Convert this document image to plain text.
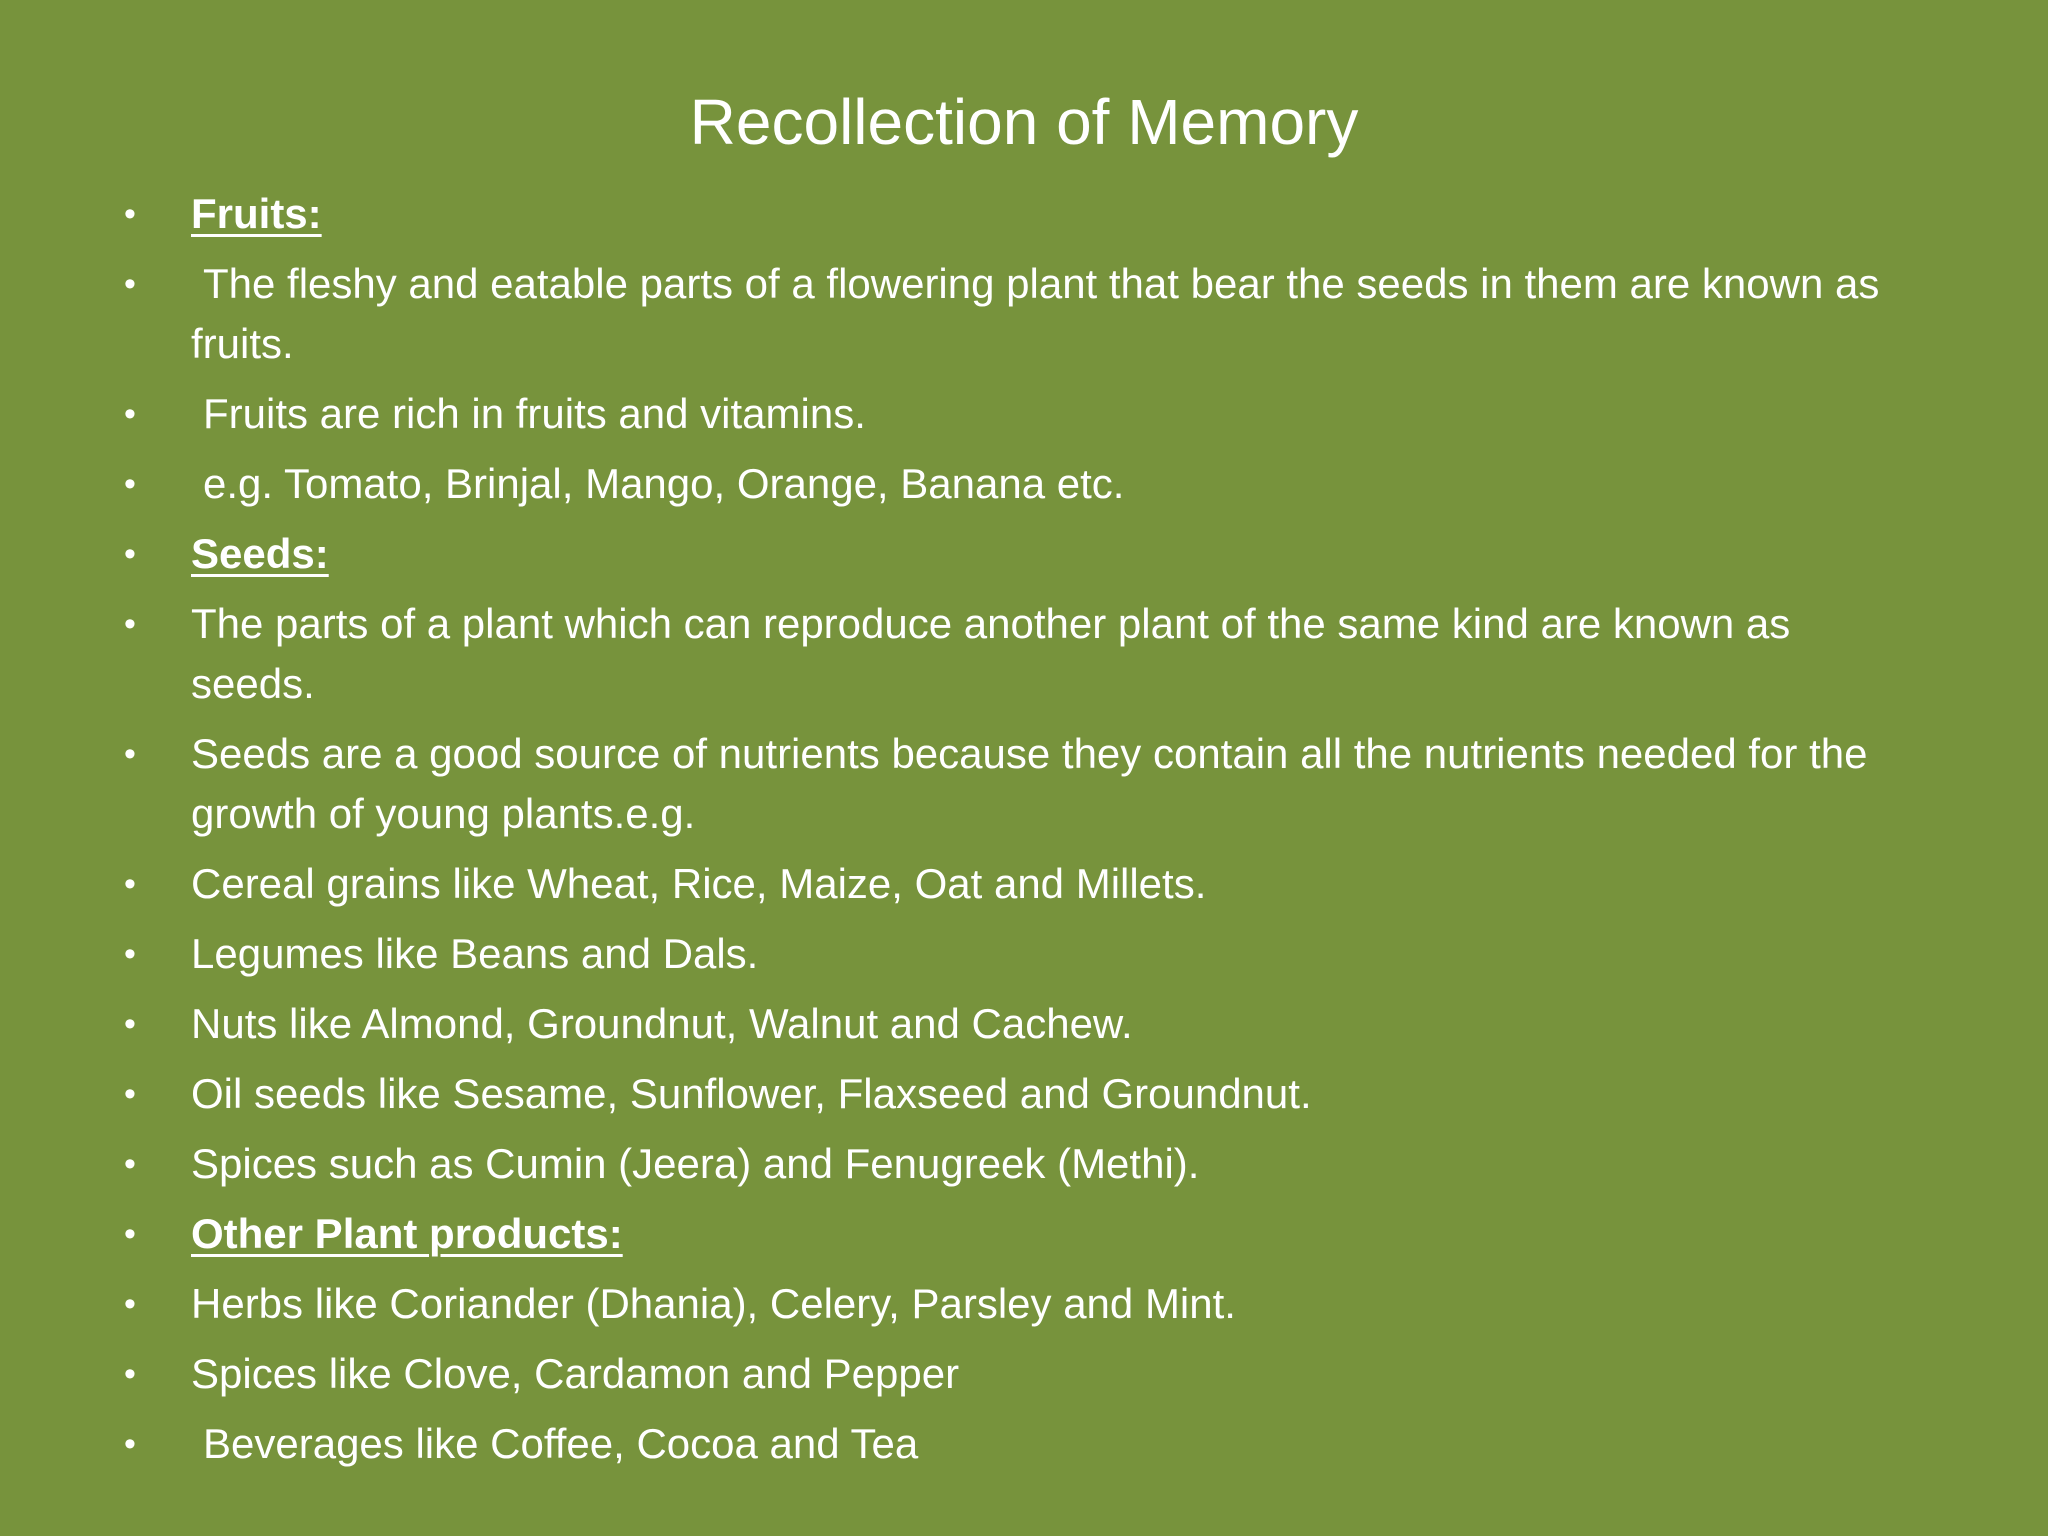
Recollection of Memory
• Fruits:
• The fleshy and eatable parts of a flowering plant that bear the seeds in them are known as fruits.
• Fruits are rich in fruits and vitamins.
• e.g. Tomato, Brinjal, Mango, Orange, Banana etc.
• Seeds:
• The parts of a plant which can reproduce another plant of the same kind are known as seeds.
• Seeds are a good source of nutrients because they contain all the nutrients needed for the growth of young plants.e.g.
• Cereal grains like Wheat, Rice, Maize, Oat and Millets.
• Legumes like Beans and Dals.
• Nuts like Almond, Groundnut, Walnut and Cachew.
• Oil seeds like Sesame, Sunflower, Flaxseed and Groundnut.
• Spices such as Cumin (Jeera) and Fenugreek (Methi).
• Other Plant products:
• Herbs like Coriander (Dhania), Celery, Parsley and Mint.
• Spices like Clove, Cardamon and Pepper
• Beverages like Coffee, Cocoa and Tea
